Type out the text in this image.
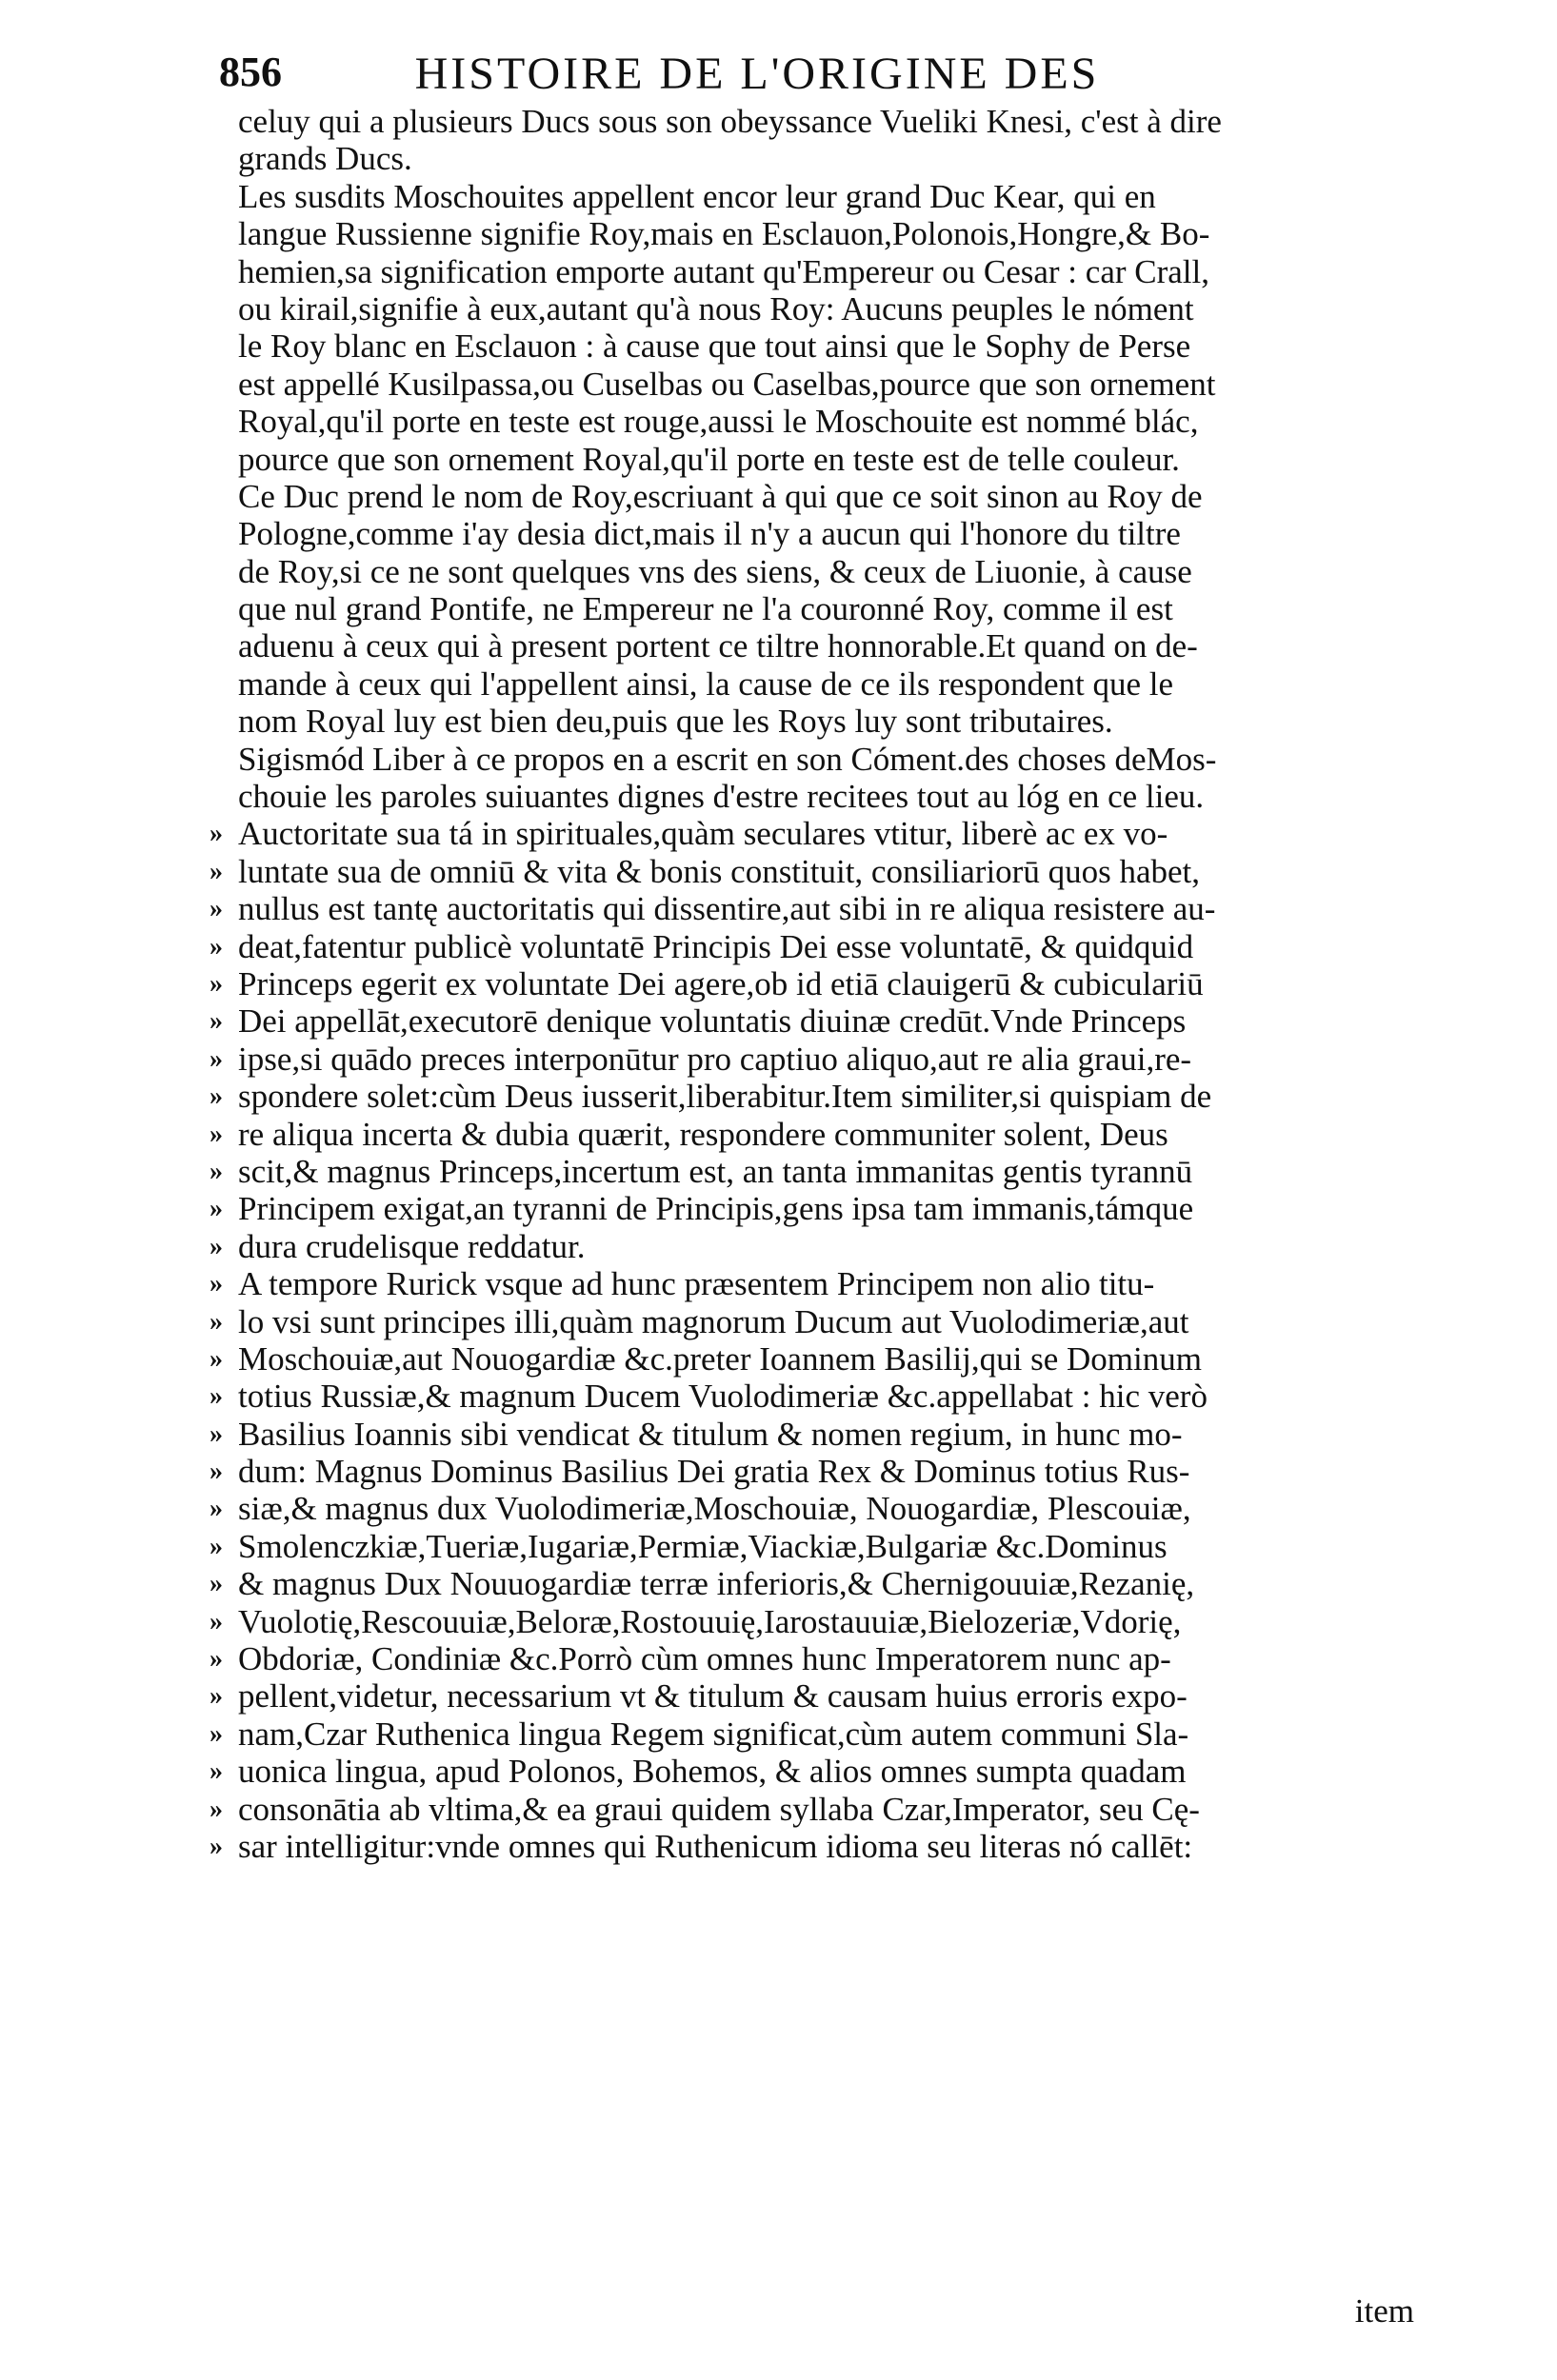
856	HISTOIRE DE L'ORIGINE DES
celuy qui a plusieurs Ducs sous son obeyssance Vueliki Knesi, c'est à dire
grands Ducs.
Les susdits Moschouites appellent encor leur grand Duc Kear, qui en
langue Russienne signifie Roy,mais en Esclauon,Polonois,Hongre,& Bo-
hemien,sa signification emporte autant qu'Empereur ou Cesar : car Crall,
ou kirail,signifie à eux,autant qu'à nous Roy: Aucuns peuples le nóment
le Roy blanc en Esclauon : à cause que tout ainsi que le Sophy de Perse
est appellé Kusilpassa,ou Cuselbas ou Caselbas,pource que son ornement
Royal,qu'il porte en teste est rouge,aussi le Moschouite est nommé blác,
pource que son ornement Royal,qu'il porte en teste est de telle couleur.
Ce Duc prend le nom de Roy,escriuant à qui que ce soit sinon au Roy de
Pologne,comme i'ay desia dict,mais il n'y a aucun qui l'honore du tiltre
de Roy,si ce ne sont quelques vns des siens, & ceux de Liuonie, à cause
que nul grand Pontife, ne Empereur ne l'a couronné Roy, comme il est
aduenu à ceux qui à present portent ce tiltre honnorable.Et quand on de-
mande à ceux qui l'appellent ainsi, la cause de ce ils respondent que le
nom Royal luy est bien deu,puis que les Roys luy sont tributaires.
Sigismód Liber à ce propos en a escrit en son Cóment.des choses deMos-
chouie les paroles suiuantes dignes d'estre recitees tout au lóg en ce lieu.
» Auctoritate sua tá in spirituales,quàm seculares vtitur, liberè ac ex vo-
» luntate sua de omniū & vita & bonis constituit, consiliariorū quos habet,
» nullus est tantę auctoritatis qui dissentire,aut sibi in re aliqua resistere au-
» deat,fatentur publicè voluntatē Principis Dei esse voluntatē, & quidquid
» Princeps egerit ex voluntate Dei agere,ob id etiā clauigerū & cubiculariū
» Dei appellāt,executorē denique voluntatis diuinæ credūt.Vnde Princeps
» ipse,si quādo preces interponūtur pro captiuo aliquo,aut re alia graui,re-
» spondere solet:cùm Deus iusserit,liberabitur.Item similiter,si quispiam de
» re aliqua incerta & dubia quærit, respondere communiter solent, Deus
» scit,& magnus Princeps,incertum est, an tanta immanitas gentis tyrannū
» Principem exigat,an tyranni de Principis,gens ipsa tam immanis,támque
» dura crudelisque reddatur.
» A tempore Rurick vsque ad hunc præsentem Principem non alio titu-
» lo vsi sunt principes illi,quàm magnorum Ducum aut Vuolodimeriæ,aut
» Moschouiæ,aut Nouogardiæ &c.preter Ioannem Basilij,qui se Dominum
» totius Russiæ,& magnum Ducem Vuolodimeriæ &c.appellabat : hic verò
» Basilius Ioannis sibi vendicat & titulum & nomen regium, in hunc mo-
» dum: Magnus Dominus Basilius Dei gratia Rex & Dominus totius Rus-
» siæ,& magnus dux Vuolodimeriæ,Moschouiæ, Nouogardiæ, Plescouiæ,
» Smolenczkiæ,Tueriæ,Iugariæ,Permiæ,Viackiæ,Bulgariæ &c.Dominus
» & magnus Dux Nouuogardiæ terræ inferioris,& Chernigouuiæ,Rezanię,
» Vuolotię,Rescouuiæ,Beloræ,Rostouuię,Iarostauuiæ,Bielozeriæ,Vdorię,
» Obdoriæ, Condiniæ &c.Porrò cùm omnes hunc Imperatorem nunc ap-
» pellent,videtur, necessarium vt & titulum & causam huius erroris expo-
» nam,Czar Ruthenica lingua Regem significat,cùm autem communi Sla-
» uonica lingua, apud Polonos, Bohemos, & alios omnes sumpta quadam
» consonātia ab vltima,& ea graui quidem syllaba Czar,Imperator, seu Cę-
» sar intelligitur:vnde omnes qui Ruthenicum idioma seu literas nó callēt:
item
